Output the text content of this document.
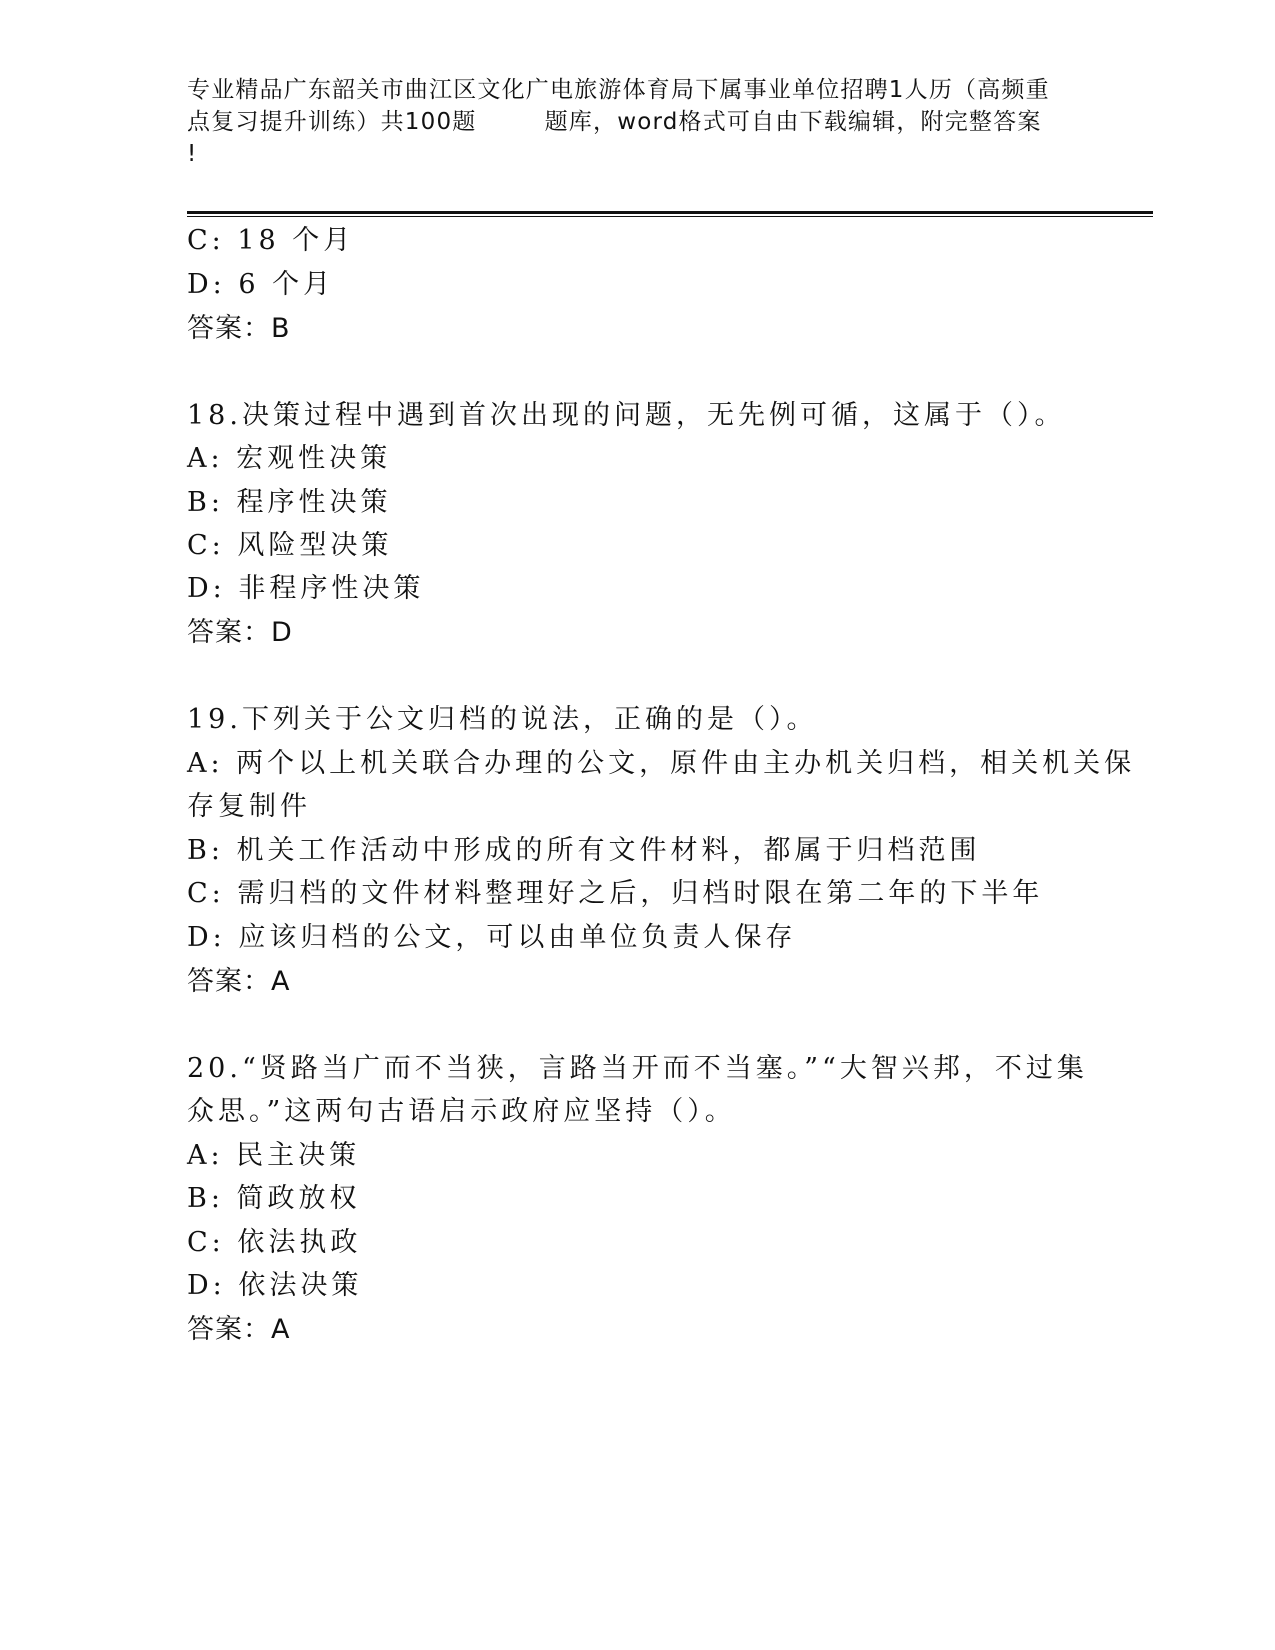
专业精品广东韶关市曲江区文化广电旅游体育局下属事业单位招聘1人历（高频重
点复习提升训练）共100题        题库，word格式可自由下载编辑，附完整答案
!
C: 18 个月
D: 6 个月
答案：B
18.决策过程中遇到首次出现的问题，无先例可循，这属于（）。
A: 宏观性决策
B: 程序性决策
C: 风险型决策
D: 非程序性决策
答案：D
19.下列关于公文归档的说法，正确的是（）。
A: 两个以上机关联合办理的公文，原件由主办机关归档，相关机关保
存复制件
B: 机关工作活动中形成的所有文件材料，都属于归档范围
C: 需归档的文件材料整理好之后，归档时限在第二年的下半年
D: 应该归档的公文，可以由单位负责人保存
答案：A
20.“贤路当广而不当狭，言路当开而不当塞。”“大智兴邦，不过集
众思。”这两句古语启示政府应坚持（）。
A: 民主决策
B: 简政放权
C: 依法执政
D: 依法决策
答案：A
